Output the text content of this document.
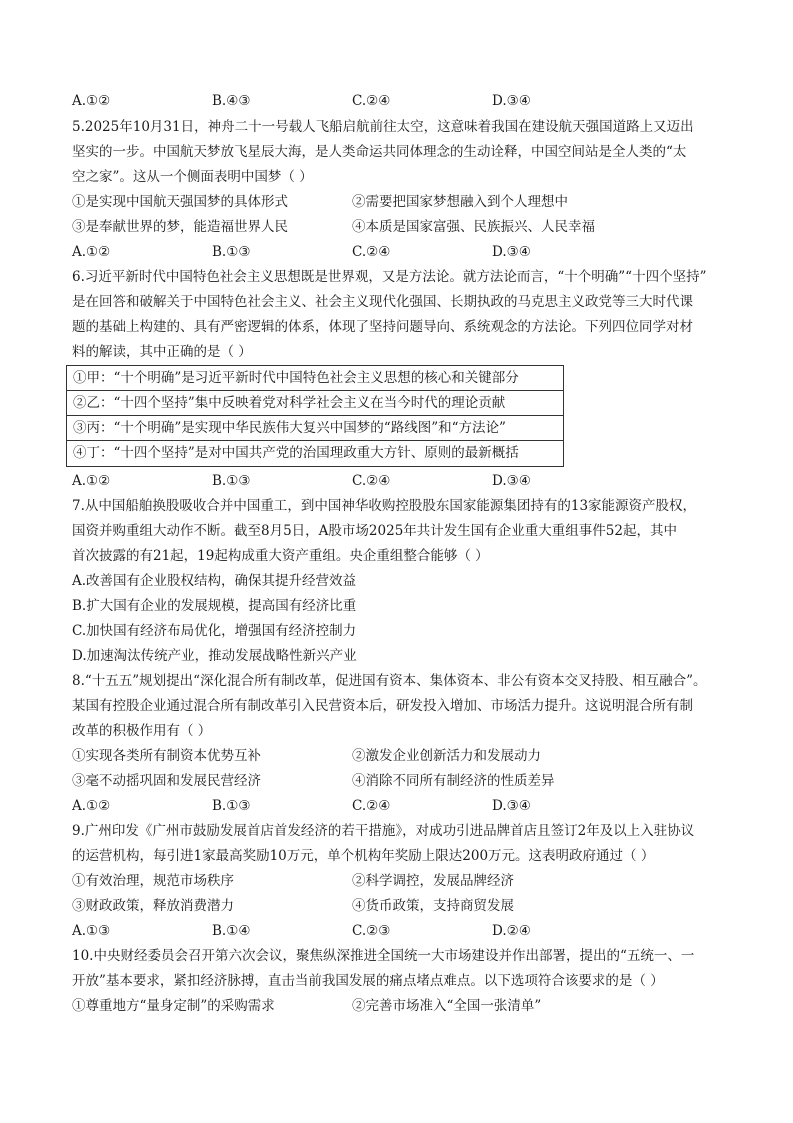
A.①②	B.④③	C.②④	D.③④
5.2025年10月31日，神舟二十一号载人飞船启航前往太空，这意味着我国在建设航天强国道路上又迈出
坚实的一步。中国航天梦放飞星辰大海，是人类命运共同体理念的生动诠释，中国空间站是全人类的“太
空之家”。这从一个侧面表明中国梦（ ）
①是实现中国航天强国梦的具体形式	②需要把国家梦想融入到个人理想中
③是奉献世界的梦，能造福世界人民	④本质是国家富强、民族振兴、人民幸福
A.①②	B.①③	C.②④	D.③④
6.习近平新时代中国特色社会主义思想既是世界观，又是方法论。就方法论而言，“十个明确”“十四个坚持”
是在回答和破解关于中国特色社会主义、社会主义现代化强国、长期执政的马克思主义政党等三大时代课
题的基础上构建的、具有严密逻辑的体系，体现了坚持问题导向、系统观念的方法论。下列四位同学对材
料的解读，其中正确的是（ ）
①甲：“十个明确”是习近平新时代中国特色社会主义思想的核心和关键部分
②乙：“十四个坚持”集中反映着党对科学社会主义在当今时代的理论贡献
③丙：“十个明确”是实现中华民族伟大复兴中国梦的“路线图”和“方法论”
④丁：“十四个坚持”是对中国共产党的治国理政重大方针、原则的最新概括
A.①②	B.①③	C.②④	D.③④
7.从中国船舶换股吸收合并中国重工，到中国神华收购控股股东国家能源集团持有的13家能源资产股权，
国资并购重组大动作不断。截至8月5日，A股市场2025年共计发生国有企业重大重组事件52起，其中
首次披露的有21起，19起构成重大资产重组。央企重组整合能够（ ）
A.改善国有企业股权结构，确保其提升经营效益
B.扩大国有企业的发展规模，提高国有经济比重
C.加快国有经济布局优化，增强国有经济控制力
D.加速淘汰传统产业，推动发展战略性新兴产业
8.“十五五”规划提出“深化混合所有制改革，促进国有资本、集体资本、非公有资本交叉持股、相互融合”。
某国有控股企业通过混合所有制改革引入民营资本后，研发投入增加、市场活力提升。这说明混合所有制
改革的积极作用有（ ）
①实现各类所有制资本优势互补	②激发企业创新活力和发展动力
③毫不动摇巩固和发展民营经济	④消除不同所有制经济的性质差异
A.①②	B.①③	C.②④	D.③④
9.广州印发《广州市鼓励发展首店首发经济的若干措施》，对成功引进品牌首店且签订2年及以上入驻协议
的运营机构，每引进1家最高奖励10万元，单个机构年奖励上限达200万元。这表明政府通过（ ）
①有效治理，规范市场秩序	②科学调控，发展品牌经济
③财政政策，释放消费潜力	④货币政策，支持商贸发展
A.①③	B.①④	C.②③	D.②④
10.中央财经委员会召开第六次会议，聚焦纵深推进全国统一大市场建设并作出部署，提出的“五统一、一
开放”基本要求，紧扣经济脉搏，直击当前我国发展的痛点堵点难点。以下选项符合该要求的是（ ）
①尊重地方“量身定制”的采购需求	②完善市场准入“全国一张清单”
